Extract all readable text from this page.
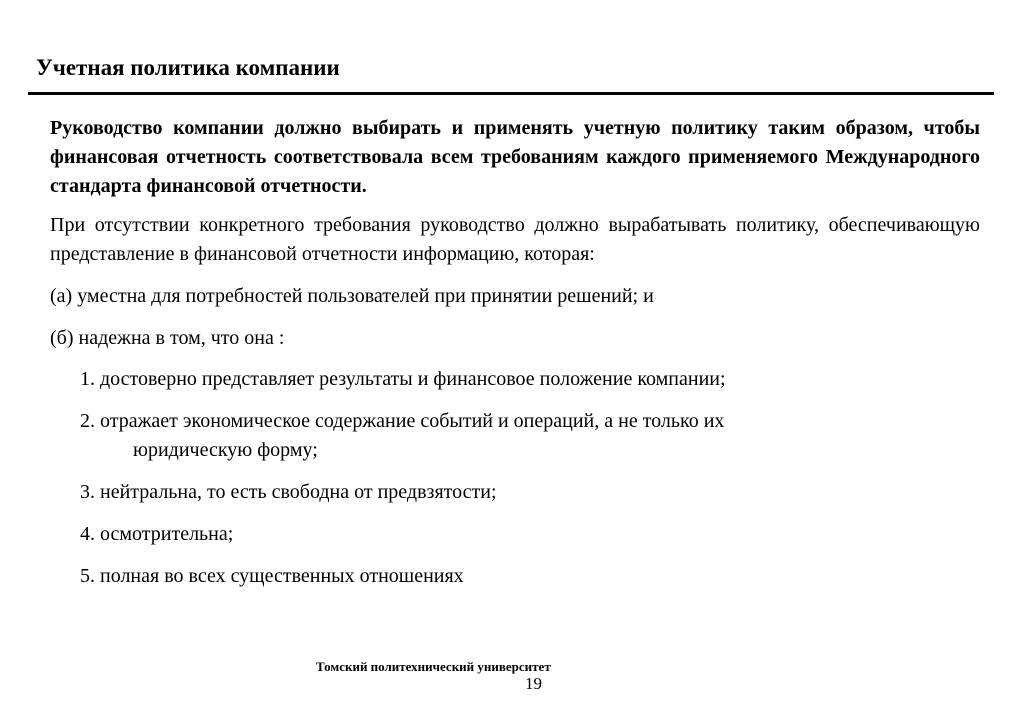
Учетная политика компании

Руководство компании должно выбирать и применять учетную политику таким образом, чтобы финансовая отчетность соответствовала всем требованиям каждого применяемого Международного стандарта финансовой отчетности.

При отсутствии конкретного требования руководство должно вырабатывать политику, обеспечивающую представление в финансовой отчетности информацию, которая:

(а) уместна для потребностей пользователей при принятии решений; и

(б) надежна в том, что она :

1. достоверно представляет результаты и финансовое положение компании;
2. отражает экономическое содержание событий и операций, а не только их
юридическую форму;
3. нейтральна, то есть свободна от предвзятости;
4. осмотрительна;
5. полная во всех существенных отношениях
Томский политехнический университет
19
